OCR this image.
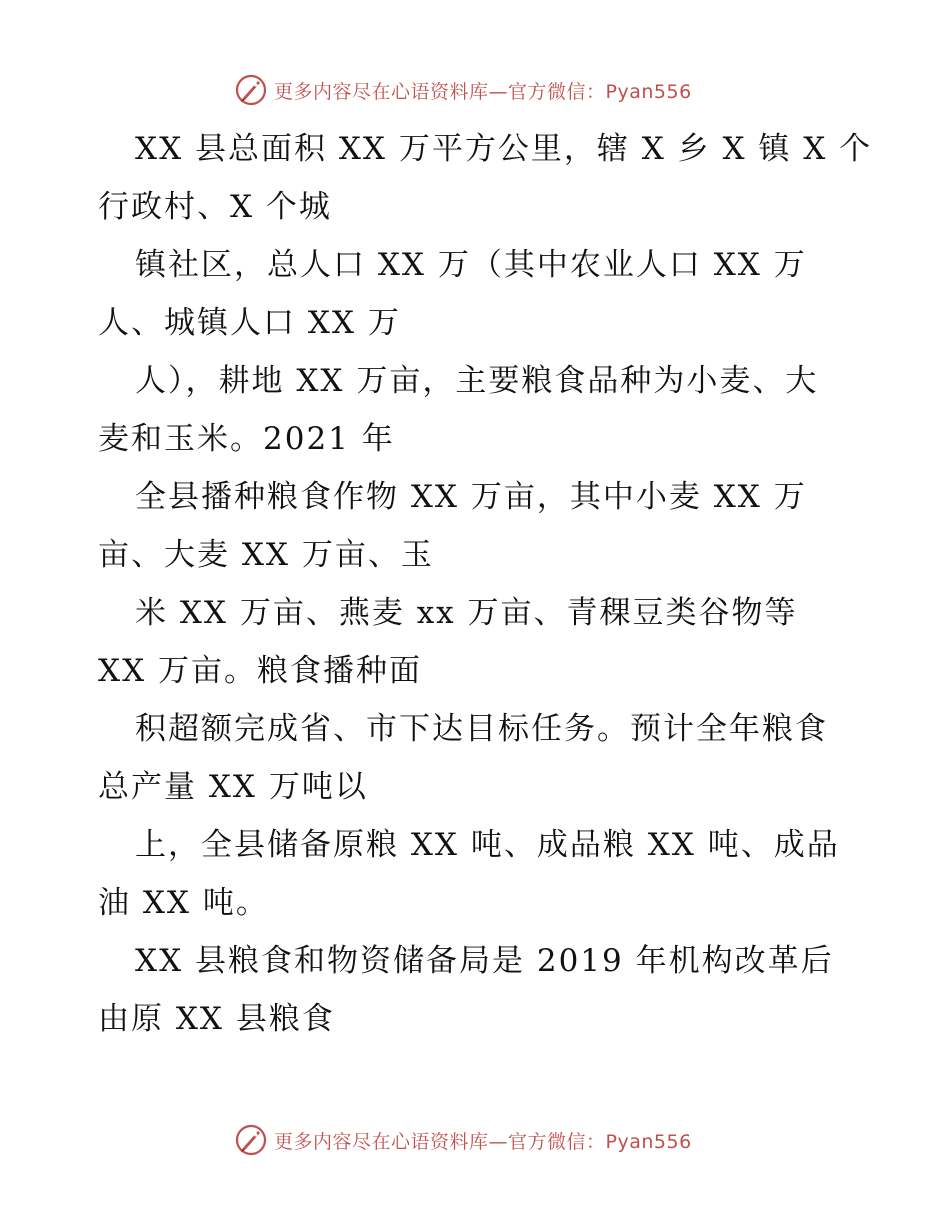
更多内容尽在心语资料库—官方微信：Pyan556
XX 县总面积 XX 万平方公里，辖 X 乡 X 镇 X 个
行政村、X 个城
镇社区，总人口 XX 万（其中农业人口 XX 万
人、城镇人口 XX 万
人），耕地 XX 万亩，主要粮食品种为小麦、大
麦和玉米。2021 年
全县播种粮食作物 XX 万亩，其中小麦 XX 万
亩、大麦 XX 万亩、玉
米 XX 万亩、燕麦 xx 万亩、青稞豆类谷物等
XX 万亩。粮食播种面
积超额完成省、市下达目标任务。预计全年粮食
总产量 XX 万吨以
上，全县储备原粮 XX 吨、成品粮 XX 吨、成品
油 XX 吨。
XX 县粮食和物资储备局是 2019 年机构改革后
由原 XX 县粮食
更多内容尽在心语资料库—官方微信：Pyan556
